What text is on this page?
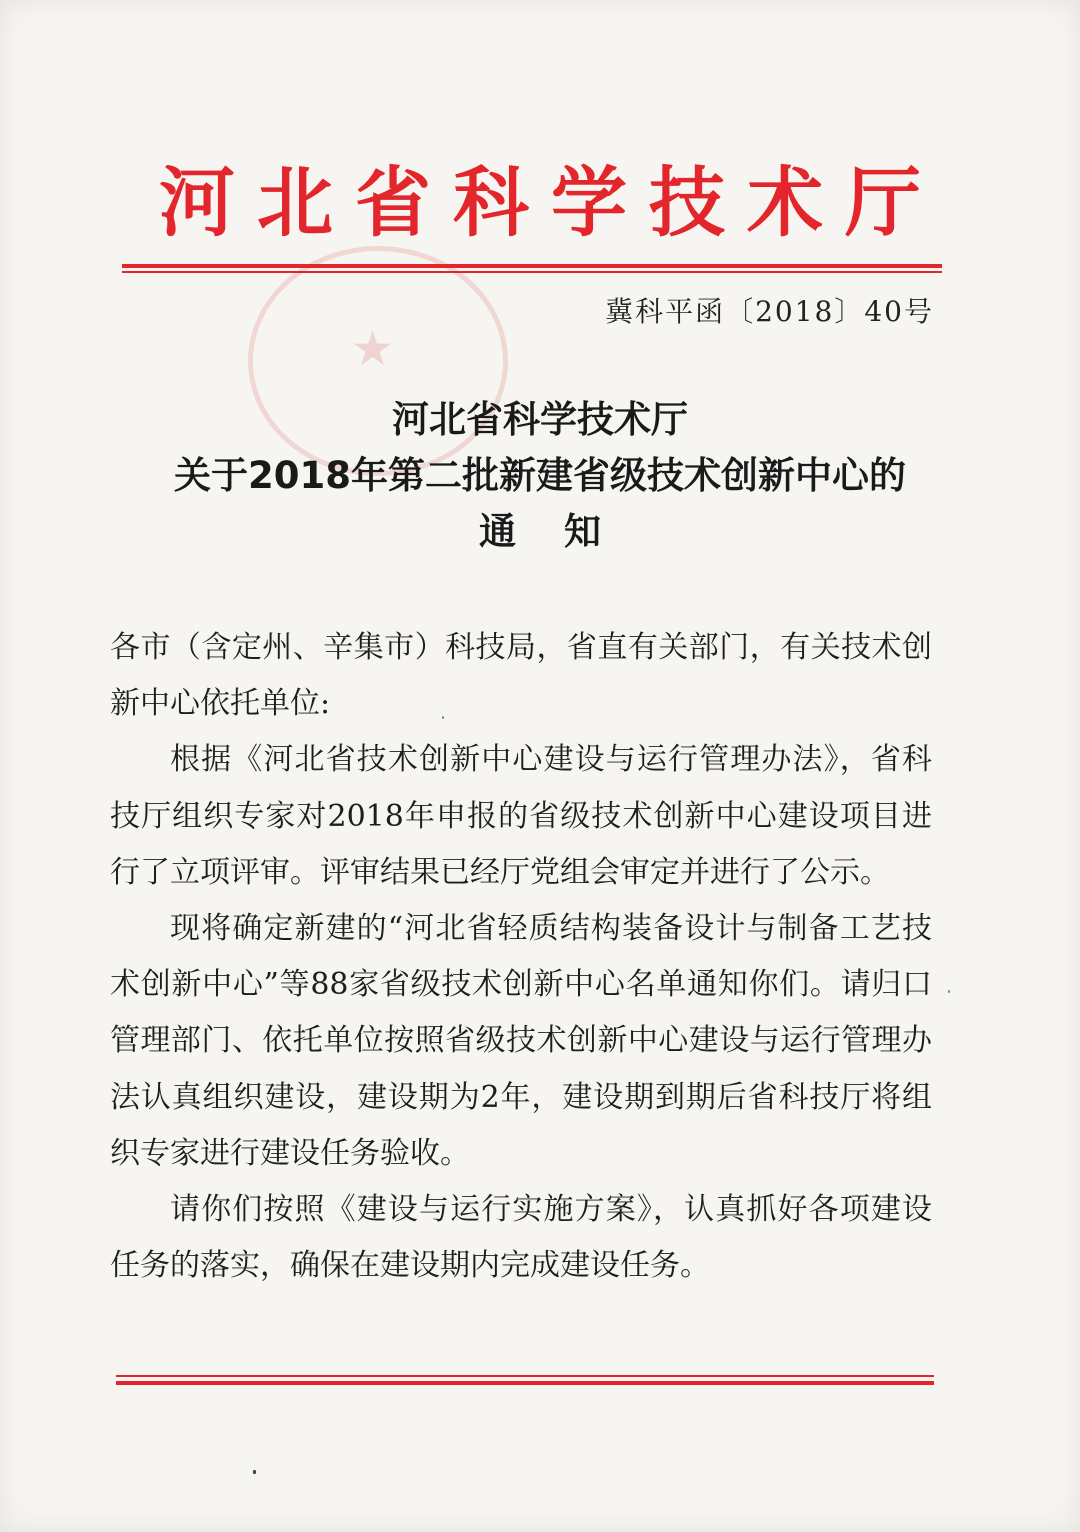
★
河北省科学技术厅
冀科平函〔2018〕40号
河北省科学技术厅
关于2018年第二批新建省级技术创新中心的
通知

各市（含定州、辛集市）科技局，省直有关部门，有关技术创新中心依托单位:

根据《河北省技术创新中心建设与运行管理办法》，省科技厅组织专家对2018年申报的省级技术创新中心建设项目进行了立项评审。评审结果已经厅党组会审定并进行了公示。

现将确定新建的“河北省轻质结构装备设计与制备工艺技术创新中心”等88家省级技术创新中心名单通知你们。请归口管理部门、依托单位按照省级技术创新中心建设与运行管理办法认真组织建设，建设期为2年，建设期到期后省科技厅将组织专家进行建设任务验收。

请你们按照《建设与运行实施方案》，认真抓好各项建设任务的落实，确保在建设期内完成建设任务。
